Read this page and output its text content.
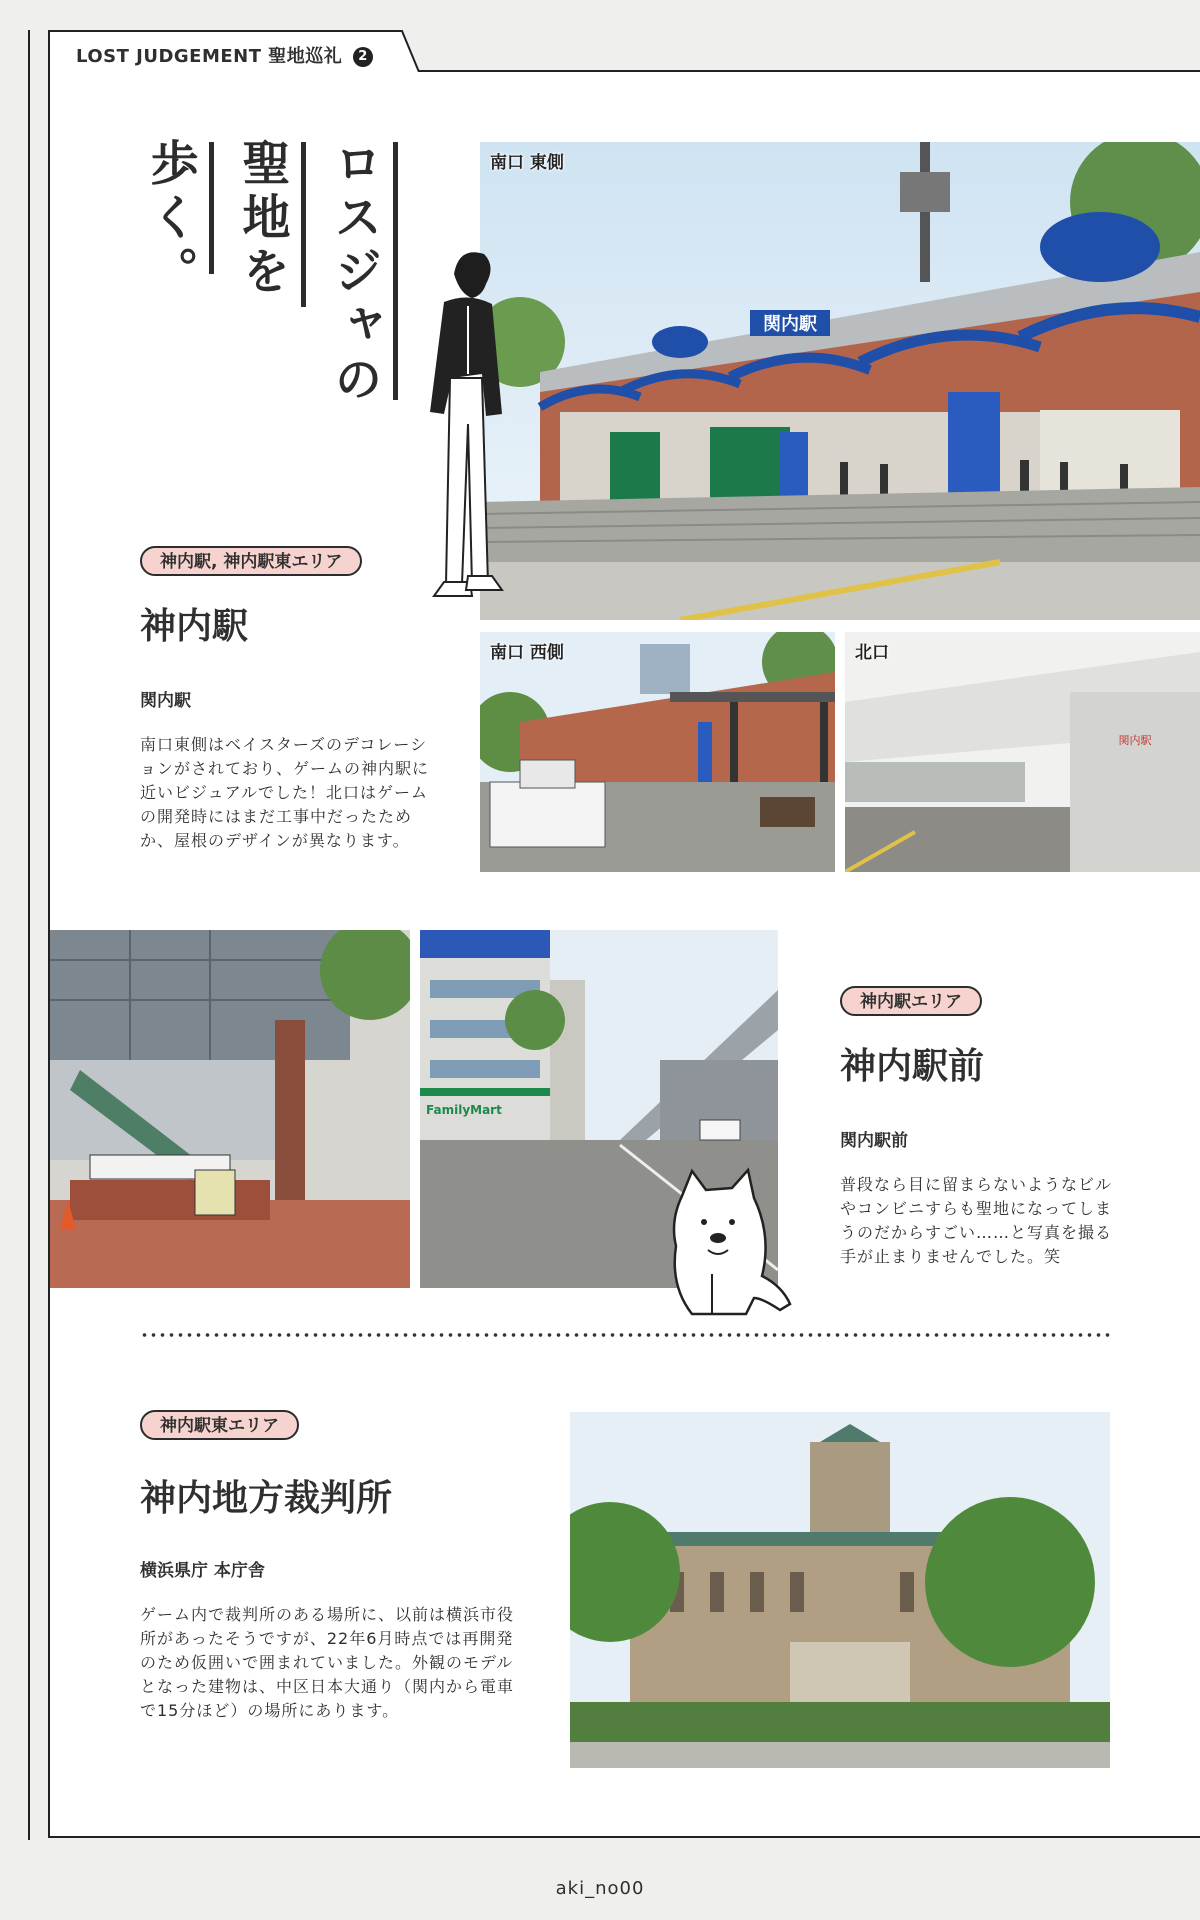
LOST JUDGEMENT 聖地巡礼 2
ロスジャの
聖地を
歩く。
関内駅
南口 東側
神内駅, 神内駅東エリア
神内駅
関内駅
南口東側はベイスターズのデコレーションがされており、ゲームの神内駅に近いビジュアルでした！北口はゲームの開発時にはまだ工事中だったためか、屋根のデザインが異なります。
南口 西側
関内駅
北口
FamilyMart
神内駅エリア
神内駅前
関内駅前
普段なら目に留まらないようなビルやコンビニすらも聖地になってしまうのだからすごい……と写真を撮る手が止まりませんでした。笑
神内駅東エリア
神内地方裁判所
横浜県庁 本庁舎
ゲーム内で裁判所のある場所に、以前は横浜市役所があったそうですが、22年6月時点では再開発のため仮囲いで囲まれていました。外観のモデルとなった建物は、中区日本大通り（関内から電車で15分ほど）の場所にあります。
aki_no00
